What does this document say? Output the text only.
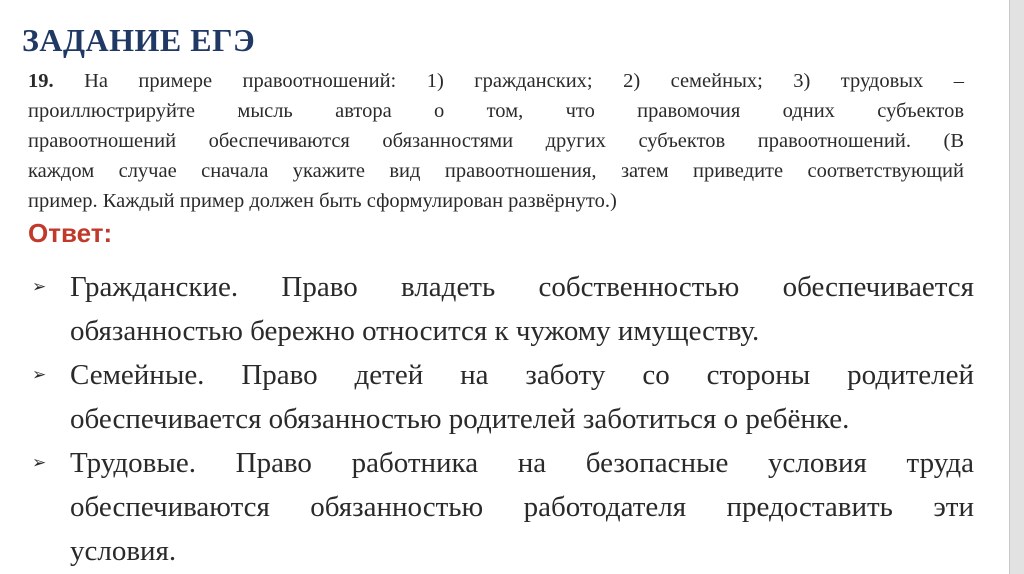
ЗАДАНИЕ ЕГЭ
19. На примере правоотношений: 1) гражданских; 2) семейных; 3) трудовых –
проиллюстрируйте мысль автора о том, что правомочия одних субъектов
правоотношений обеспечиваются обязанностями других субъектов правоотношений. (В
каждом случае сначала укажите вид правоотношения, затем приведите соответствующий
пример. Каждый пример должен быть сформулирован развёрнуто.)
Ответ:
➢ Гражданские. Право владеть собственностью обеспечивается
обязанностью бережно относится к чужому имуществу.
➢ Семейные. Право детей на заботу со стороны родителей
обеспечивается обязанностью родителей заботиться о ребёнке.
➢ Трудовые. Право работника на безопасные условия труда
обеспечиваются обязанностью работодателя предоставить эти
условия.
